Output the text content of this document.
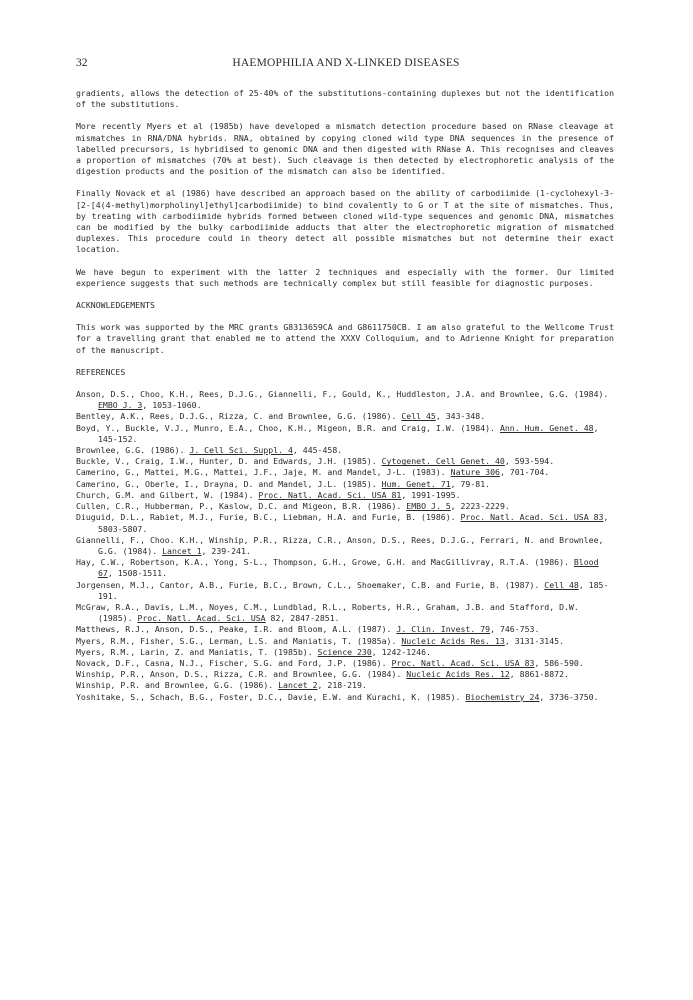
32	HAEMOPHILIA AND X-LINKED DISEASES

gradients, allows the detection of 25-40% of the substitutions-containing duplexes but not the identification of the substitutions.

More recently Myers et al (1985b) have developed a mismatch detection procedure based on RNase cleavage at mismatches in RNA/DNA hybrids. RNA, obtained by copying cloned wild type DNA sequences in the presence of labelled precursors, is hybridised to genomic DNA and then digested with RNase A. This recognises and cleaves a proportion of mismatches (70% at best). Such cleavage is then detected by electrophoretic analysis of the digestion products and the position of the mismatch can also be identified.

Finally Novack et al (1986) have described an approach based on the ability of carbodiimide (1-cyclohexyl-3-[2-[4(4-methyl)morpholinyl]ethyl]carbodiimide) to bind covalently to G or T at the site of mismatches. Thus, by treating with carbodiimide hybrids formed between cloned wild-type sequences and genomic DNA, mismatches can be modified by the bulky carbodiimide adducts that alter the electrophoretic migration of mismatched duplexes. This procedure could in theory detect all possible mismatches but not determine their exact location.

We have begun to experiment with the latter 2 techniques and especially with the former. Our limited experience suggests that such methods are technically complex but still feasible for diagnostic purposes.

ACKNOWLEDGEMENTS

This work was supported by the MRC grants G8313659CA and G8611750CB. I am also grateful to the Wellcome Trust for a travelling grant that enabled me to attend the XXXV Colloquium, and to Adrienne Knight for preparation of the manuscript.

REFERENCES

Anson, D.S., Choo, K.H., Rees, D.J.G., Giannelli, F., Gould, K., Huddleston, J.A. and Brownlee, G.G. (1984). EMBO J. 3, 1053-1060.

Bentley, A.K., Rees, D.J.G., Rizza, C. and Brownlee, G.G. (1986). Cell 45, 343-348.

Boyd, Y., Buckle, V.J., Munro, E.A., Choo, K.H., Migeon, B.R. and Craig, I.W. (1984). Ann. Hum. Genet. 48, 145-152.

Brownlee, G.G. (1986). J. Cell Sci. Suppl. 4, 445-458.

Buckle, V., Craig, I.W., Hunter, D. and Edwards, J.H. (1985). Cytogenet. Cell Genet. 40, 593-594.

Camerino, G., Mattei, M.G., Mattei, J.F., Jaje, M. and Mandel, J-L. (1983). Nature 306, 701-704.

Camerino, G., Oberle, I., Drayna, D. and Mandel, J.L. (1985). Hum. Genet. 71, 79-81.

Church, G.M. and Gilbert, W. (1984). Proc. Natl. Acad. Sci. USA 81, 1991-1995.

Cullen, C.R., Hubberman, P., Kaslow, D.C. and Migeon, B.R. (1986). EMBO J. 5, 2223-2229.

Diuguid, D.L., Rabiet, M.J., Furie, B.C., Liebman, H.A. and Furie, B. (1986). Proc. Natl. Acad. Sci. USA 83, 5803-5807.

Giannelli, F., Choo. K.H., Winship, P.R., Rizza, C.R., Anson, D.S., Rees, D.J.G., Ferrari, N. and Brownlee, G.G. (1984). Lancet 1, 239-241.

Hay, C.W., Robertson, K.A., Yong, S-L., Thompson, G.H., Growe, G.H. and MacGillivray, R.T.A. (1986). Blood 67, 1508-1511.

Jorgensen, M.J., Cantor, A.B., Furie, B.C., Brown, C.L., Shoemaker, C.B. and Furie, B. (1987). Cell 48, 185-191.

McGraw, R.A., Davis, L.M., Noyes, C.M., Lundblad, R.L., Roberts, H.R., Graham, J.B. and Stafford, D.W. (1985). Proc. Natl. Acad. Sci. USA 82, 2847-2851.

Matthews, R.J., Anson, D.S., Peake, I.R. and Bloom, A.L. (1987). J. Clin. Invest. 79, 746-753.

Myers, R.M., Fisher, S.G., Lerman, L.S. and Maniatis, T. (1985a). Nucleic Acids Res. 13, 3131-3145.

Myers, R.M., Larin, Z. and Maniatis, T. (1985b). Science 230, 1242-1246.

Novack, D.F., Casna, N.J., Fischer, S.G. and Ford, J.P. (1986). Proc. Natl. Acad. Sci. USA 83, 586-590.

Winship, P.R., Anson, D.S., Rizza, C.R. and Brownlee, G.G. (1984). Nucleic Acids Res. 12, 8861-8872.

Winship, P.R. and Brownlee, G.G. (1986). Lancet 2, 218-219.

Yoshitake, S., Schach, B.G., Foster, D.C., Davie, E.W. and Kurachi, K. (1985). Biochemistry 24, 3736-3750.
